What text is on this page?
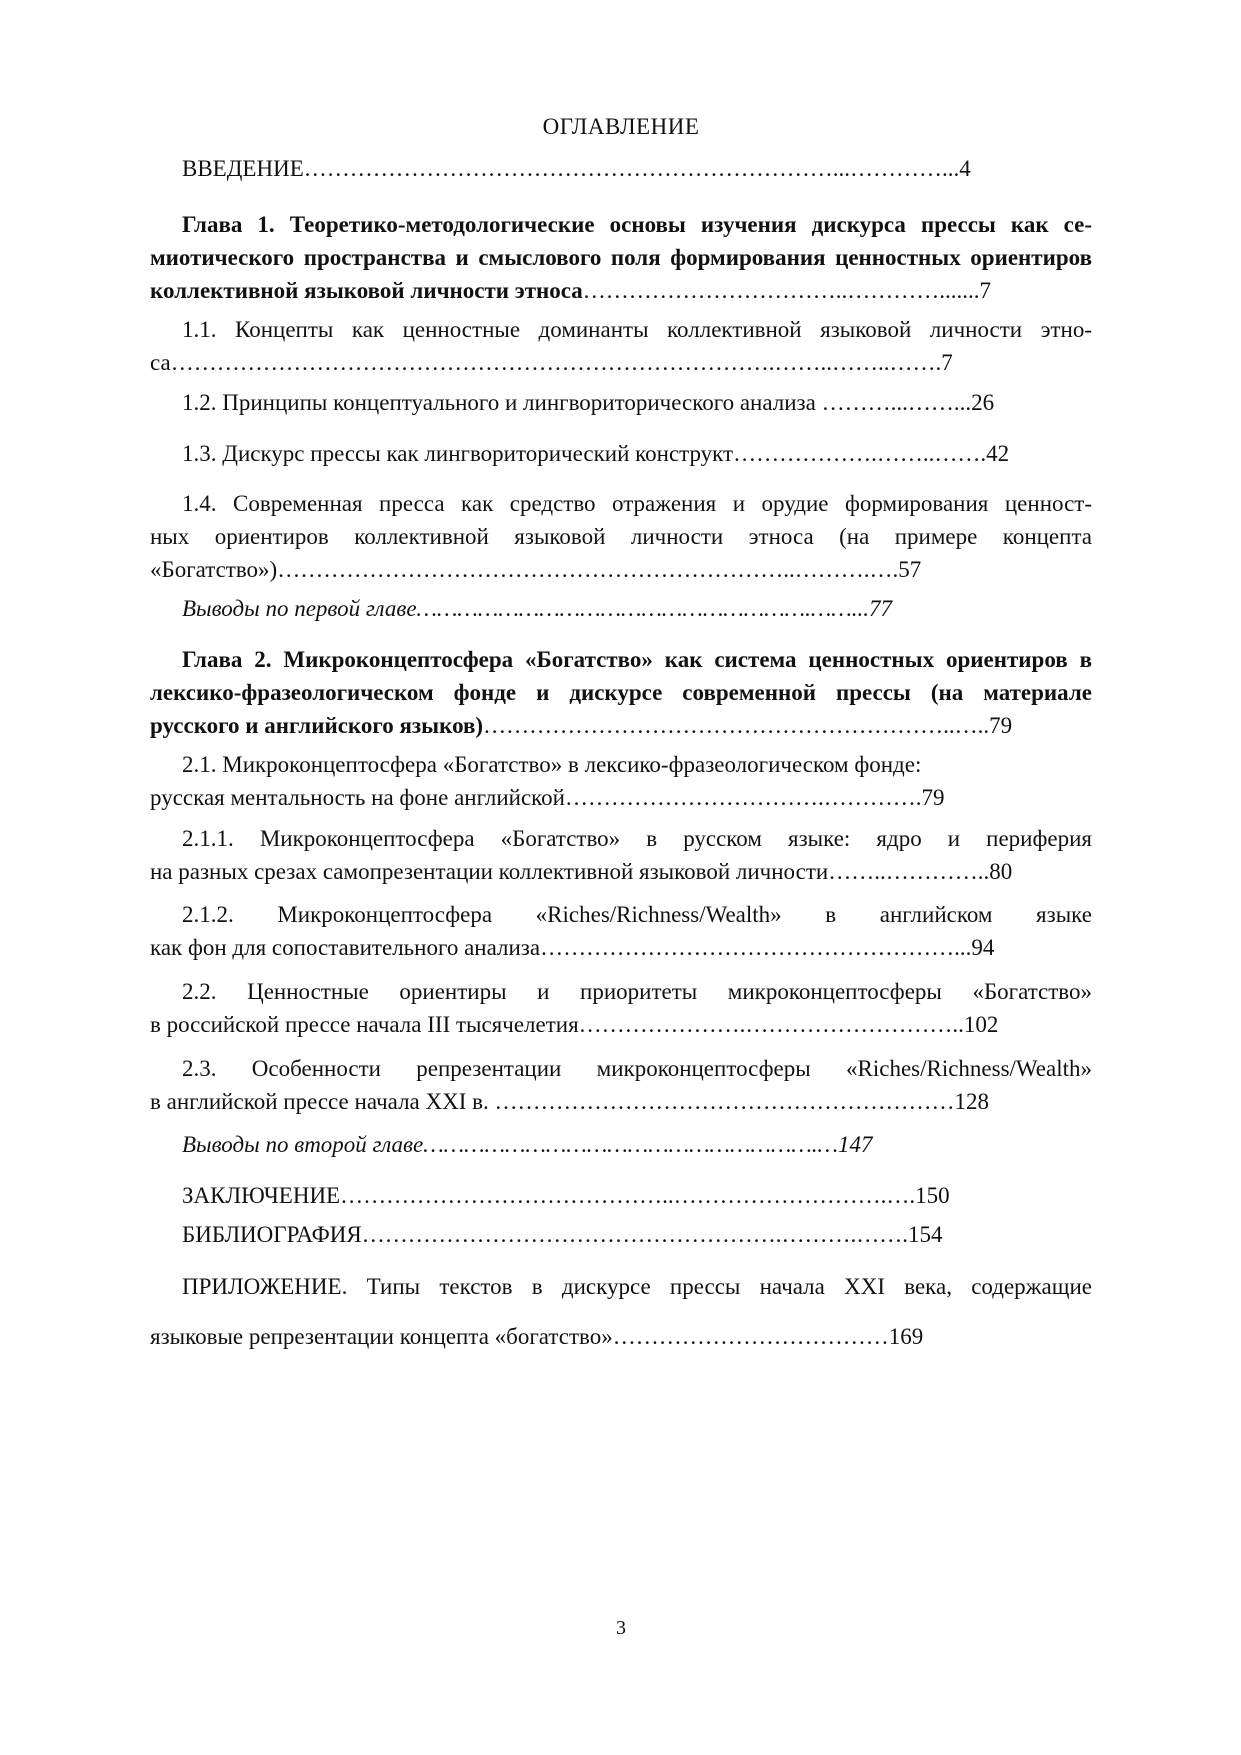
ОГЛАВЛЕНИЕ
ВВЕДЕНИЕ……………………………………………………………...…………...4
Глава 1. Теоретико-методологические основы изучения дискурса прессы как се-
миотического пространства и смыслового поля формирования ценностных ориентиров
коллективной языковой личности этноса……………………………..………….......7
1.1. Концепты как ценностные доминанты коллективной языковой личности этно-
са…………………………………………………………………….……..……..…….7
1.2. Принципы концептуального и лингвориторического анализа ………...……...26
1.3. Дискурс прессы как лингвориторический конструкт……………….……..…….42
1.4. Современная пресса как средство отражения и орудие формирования ценност-
ных ориентиров коллективной языковой личности этноса (на примере концепта
«Богатство»)…………………………………………………………..……….….57
Выводы по первой главе………………………………………………….……...77
Глава 2. Микроконцептосфера «Богатство» как система ценностных ориентиров в
лексико-фразеологическом фонде и дискурсе современной прессы (на материале
русского и английского языков)……………………………………………………..…..79
2.1. Микроконцептосфера «Богатство» в лексико-фразеологическом фонде:
русская ментальность на фоне английской…………………………….………….79
2.1.1. Микроконцептосфера «Богатство» в русском языке: ядро и периферия
на разных срезах самопрезентации коллективной языковой личности……..…………..80
2.1.2. Микроконцептосфера «Riches/Richness/Wealth» в английском языке
как фон для сопоставительного анализа………………………………………………...94
2.2. Ценностные ориентиры и приоритеты микроконцептосферы «Богатство»
в российской прессе начала III тысячелетия………………….………………………..102
2.3. Особенности репрезентации микроконцептосферы «Riches/Richness/Wealth»
в английской прессе начала XXI в. ……………………………………………………128
Выводы по второй главе………………………………………………….…147
ЗАКЛЮЧЕНИЕ……………………………………..……………………….….150
БИБЛИОГРАФИЯ……………………………………………….……….…….154
ПРИЛОЖЕНИЕ. Типы текстов в дискурсе прессы начала XXI века, содержащие
языковые репрезентации концепта «богатство»………………………………169
3
